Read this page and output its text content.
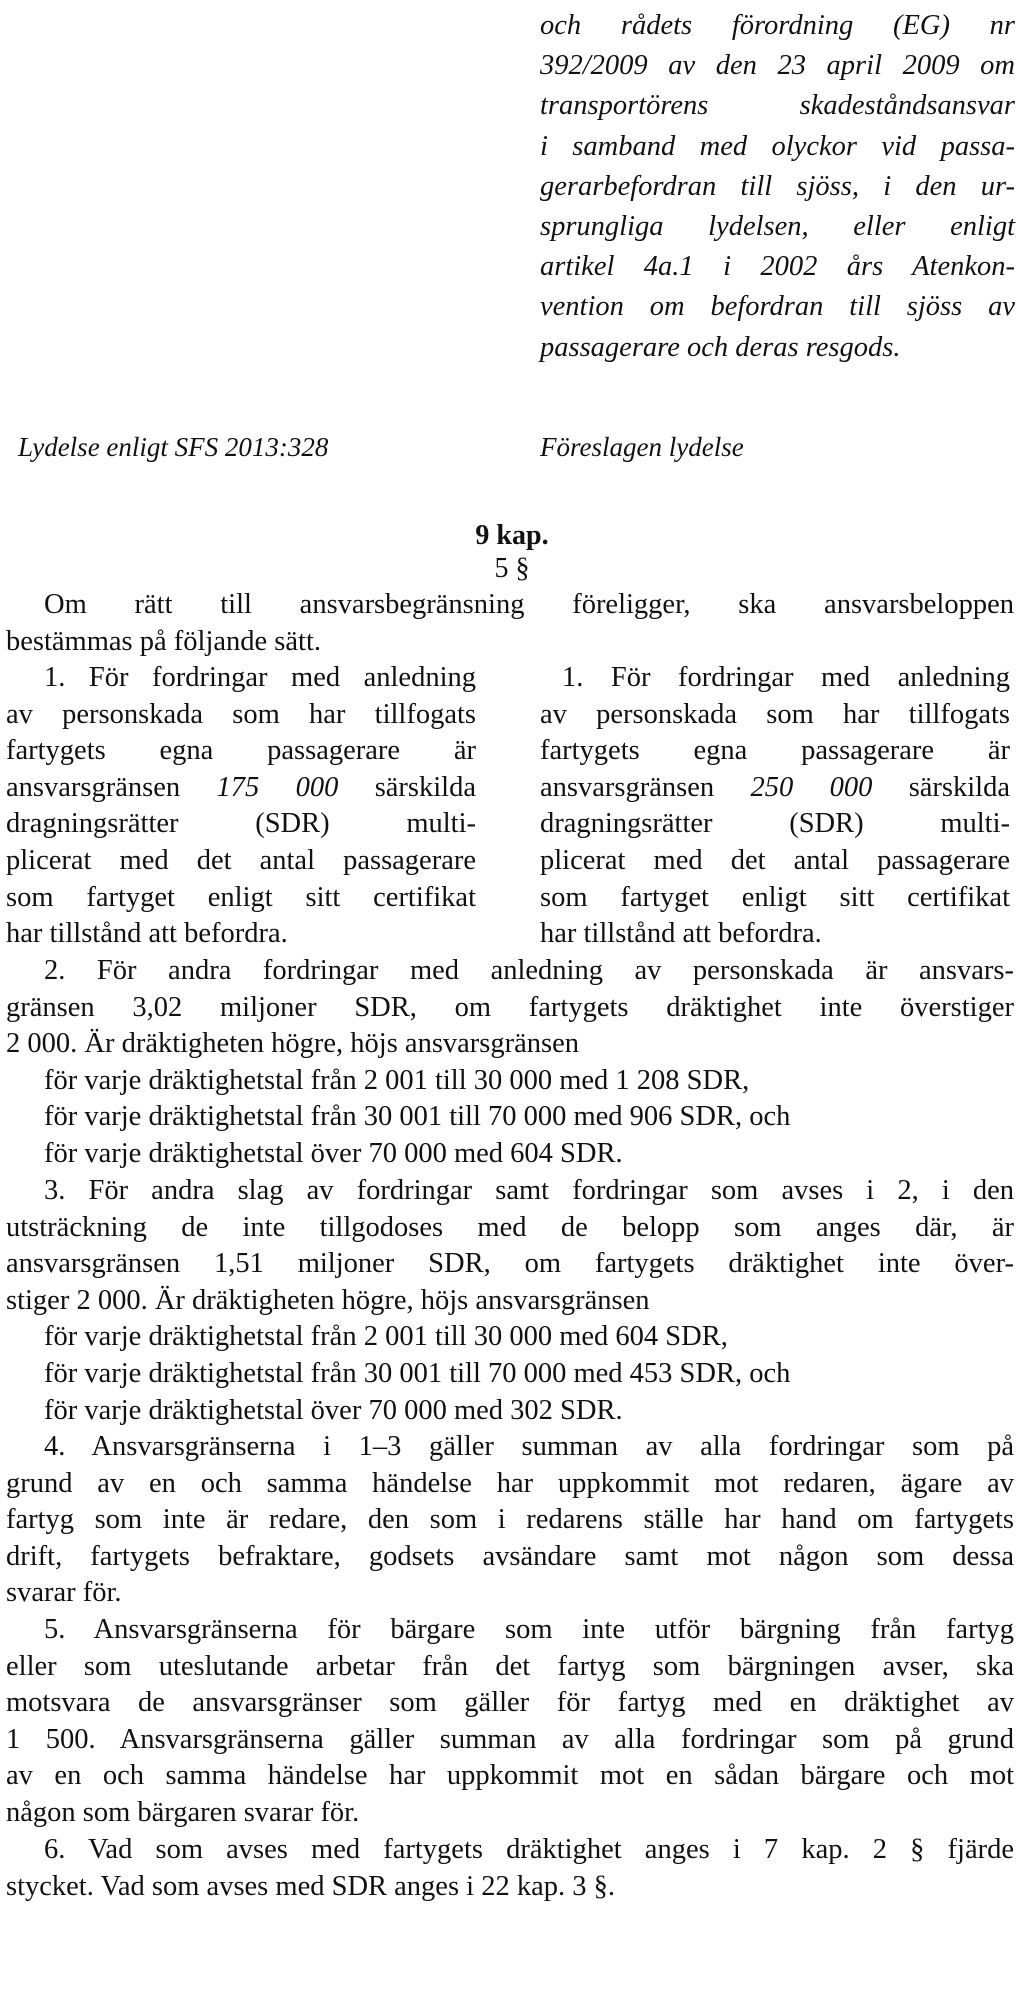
och rådets förordning (EG) nr
392/2009 av den 23 april 2009 om
transportörens skadeståndsansvar
i samband med olyckor vid passa-
gerarbefordran till sjöss, i den ur-
sprungliga lydelsen, eller enligt
artikel 4a.1 i 2002 års Atenkon-
vention om befordran till sjöss av
passagerare och deras resgods.
Lydelse enligt SFS 2013:328	Föreslagen lydelse
9 kap.
5 §
Om rätt till ansvarsbegränsning föreligger, ska ansvarsbeloppen
bestämmas på följande sätt.
1. För fordringar med anledning
av personskada som har tillfogats
fartygets egna passagerare är
ansvarsgränsen 175 000 särskilda
dragningsrätter (SDR) multi-
plicerat med det antal passagerare
som fartyget enligt sitt certifikat
har tillstånd att befordra.
1. För fordringar med anledning
av personskada som har tillfogats
fartygets egna passagerare är
ansvarsgränsen 250 000 särskilda
dragningsrätter (SDR) multi-
plicerat med det antal passagerare
som fartyget enligt sitt certifikat
har tillstånd att befordra.
2. För andra fordringar med anledning av personskada är ansvars-
gränsen 3,02 miljoner SDR, om fartygets dräktighet inte överstiger
2 000. Är dräktigheten högre, höjs ansvarsgränsen
för varje dräktighetstal från 2 001 till 30 000 med 1 208 SDR,
för varje dräktighetstal från 30 001 till 70 000 med 906 SDR, och
för varje dräktighetstal över 70 000 med 604 SDR.
3. För andra slag av fordringar samt fordringar som avses i 2, i den
utsträckning de inte tillgodoses med de belopp som anges där, är
ansvarsgränsen 1,51 miljoner SDR, om fartygets dräktighet inte över-
stiger 2 000. Är dräktigheten högre, höjs ansvarsgränsen
för varje dräktighetstal från 2 001 till 30 000 med 604 SDR,
för varje dräktighetstal från 30 001 till 70 000 med 453 SDR, och
för varje dräktighetstal över 70 000 med 302 SDR.
4. Ansvarsgränserna i 1–3 gäller summan av alla fordringar som på
grund av en och samma händelse har uppkommit mot redaren, ägare av
fartyg som inte är redare, den som i redarens ställe har hand om fartygets
drift, fartygets befraktare, godsets avsändare samt mot någon som dessa
svarar för.
5. Ansvarsgränserna för bärgare som inte utför bärgning från fartyg
eller som uteslutande arbetar från det fartyg som bärgningen avser, ska
motsvara de ansvarsgränser som gäller för fartyg med en dräktighet av
1 500. Ansvarsgränserna gäller summan av alla fordringar som på grund
av en och samma händelse har uppkommit mot en sådan bärgare och mot
någon som bärgaren svarar för.
6. Vad som avses med fartygets dräktighet anges i 7 kap. 2 § fjärde
stycket. Vad som avses med SDR anges i 22 kap. 3 §.
